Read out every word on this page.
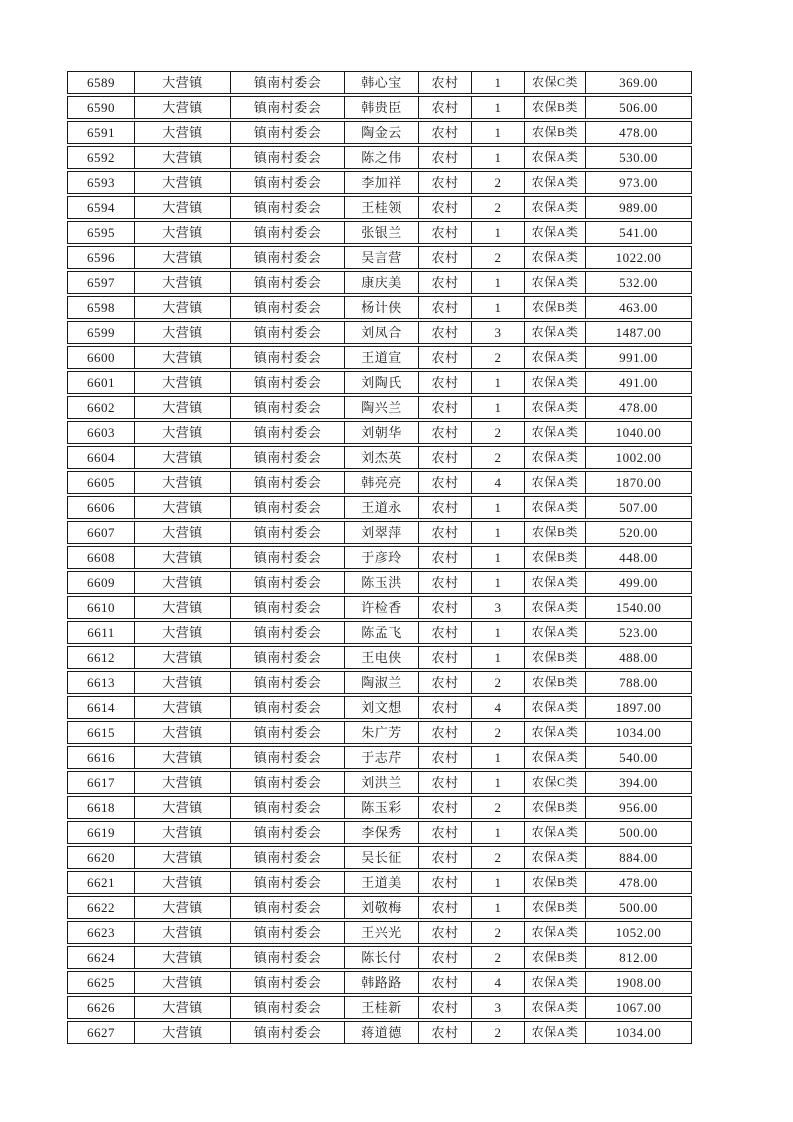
6589	大营镇	镇南村委会	韩心宝	农村	1	农保C类	369.00
6590	大营镇	镇南村委会	韩贵臣	农村	1	农保B类	506.00
6591	大营镇	镇南村委会	陶金云	农村	1	农保B类	478.00
6592	大营镇	镇南村委会	陈之伟	农村	1	农保A类	530.00
6593	大营镇	镇南村委会	李加祥	农村	2	农保A类	973.00
6594	大营镇	镇南村委会	王桂领	农村	2	农保A类	989.00
6595	大营镇	镇南村委会	张银兰	农村	1	农保A类	541.00
6596	大营镇	镇南村委会	吴言营	农村	2	农保A类	1022.00
6597	大营镇	镇南村委会	康庆美	农村	1	农保A类	532.00
6598	大营镇	镇南村委会	杨计侠	农村	1	农保B类	463.00
6599	大营镇	镇南村委会	刘凤合	农村	3	农保A类	1487.00
6600	大营镇	镇南村委会	王道宣	农村	2	农保A类	991.00
6601	大营镇	镇南村委会	刘陶氏	农村	1	农保A类	491.00
6602	大营镇	镇南村委会	陶兴兰	农村	1	农保A类	478.00
6603	大营镇	镇南村委会	刘朝华	农村	2	农保A类	1040.00
6604	大营镇	镇南村委会	刘杰英	农村	2	农保A类	1002.00
6605	大营镇	镇南村委会	韩亮亮	农村	4	农保A类	1870.00
6606	大营镇	镇南村委会	王道永	农村	1	农保A类	507.00
6607	大营镇	镇南村委会	刘翠萍	农村	1	农保B类	520.00
6608	大营镇	镇南村委会	于彦玲	农村	1	农保B类	448.00
6609	大营镇	镇南村委会	陈玉洪	农村	1	农保A类	499.00
6610	大营镇	镇南村委会	许检香	农村	3	农保A类	1540.00
6611	大营镇	镇南村委会	陈孟飞	农村	1	农保A类	523.00
6612	大营镇	镇南村委会	王电侠	农村	1	农保B类	488.00
6613	大营镇	镇南村委会	陶淑兰	农村	2	农保B类	788.00
6614	大营镇	镇南村委会	刘文想	农村	4	农保A类	1897.00
6615	大营镇	镇南村委会	朱广芳	农村	2	农保A类	1034.00
6616	大营镇	镇南村委会	于志芹	农村	1	农保A类	540.00
6617	大营镇	镇南村委会	刘洪兰	农村	1	农保C类	394.00
6618	大营镇	镇南村委会	陈玉彩	农村	2	农保B类	956.00
6619	大营镇	镇南村委会	李保秀	农村	1	农保A类	500.00
6620	大营镇	镇南村委会	吴长征	农村	2	农保A类	884.00
6621	大营镇	镇南村委会	王道美	农村	1	农保B类	478.00
6622	大营镇	镇南村委会	刘敬梅	农村	1	农保B类	500.00
6623	大营镇	镇南村委会	王兴光	农村	2	农保A类	1052.00
6624	大营镇	镇南村委会	陈长付	农村	2	农保B类	812.00
6625	大营镇	镇南村委会	韩路路	农村	4	农保A类	1908.00
6626	大营镇	镇南村委会	王桂新	农村	3	农保A类	1067.00
6627	大营镇	镇南村委会	蒋道德	农村	2	农保A类	1034.00
